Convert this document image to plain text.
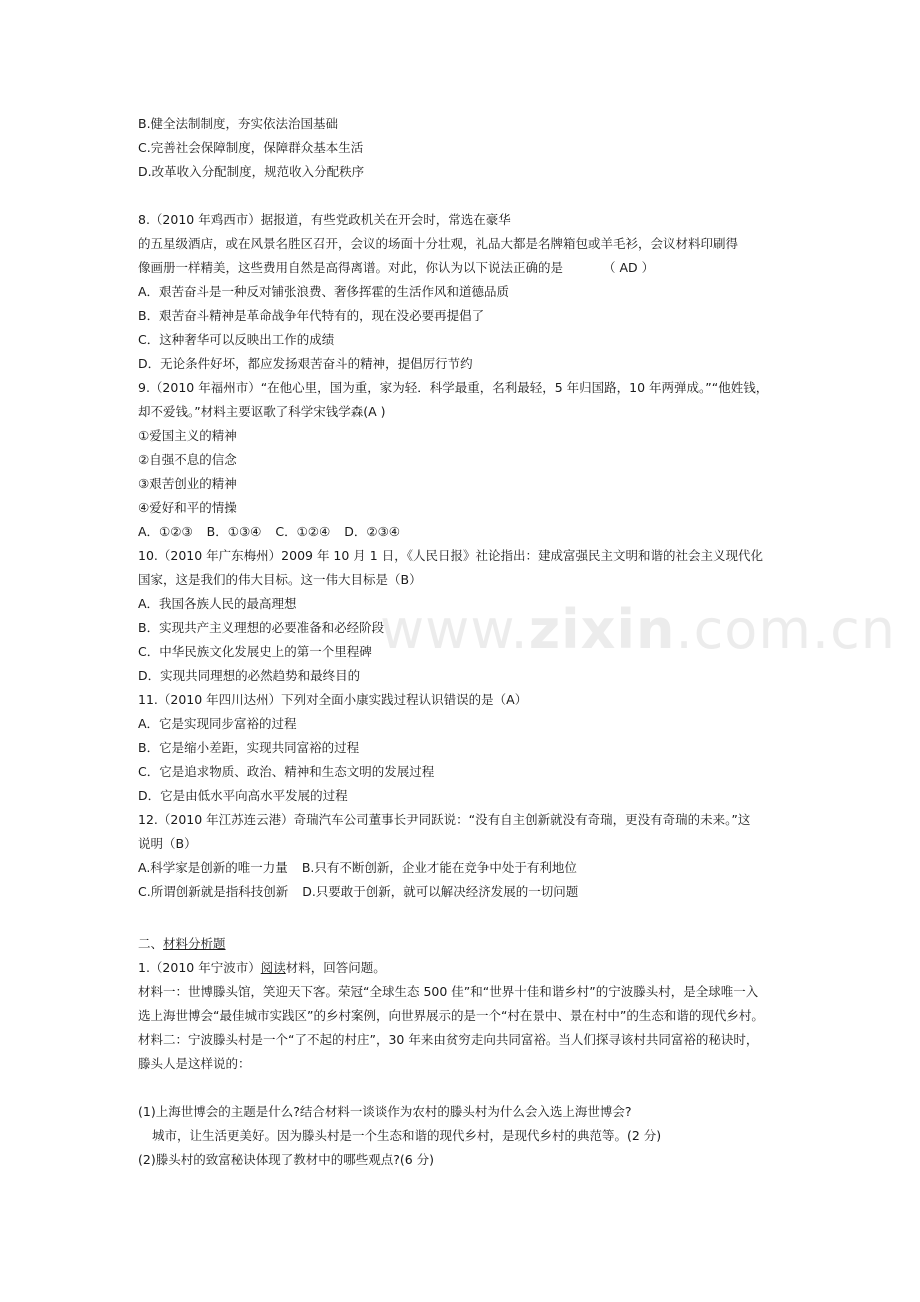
www.zixin.com.cn
B.健全法制制度，夯实依法治国基础
C.完善社会保障制度，保障群众基本生活
D.改革收入分配制度，规范收入分配秩序
8.（2010 年鸡西市）据报道，有些党政机关在开会时，常选在豪华
的五星级酒店，或在风景名胜区召开，会议的场面十分壮观，礼品大都是名牌箱包或羊毛衫，会议材料印刷得
像画册一样精美，这些费用自然是高得离谱。对此，你认为以下说法正确的是	（ AD ）
A．艰苦奋斗是一种反对铺张浪费、奢侈挥霍的生活作风和道德品质
B．艰苦奋斗精神是革命战争年代特有的，现在没必要再提倡了
C．这种奢华可以反映出工作的成绩
D．无论条件好坏，都应发扬艰苦奋斗的精神，提倡厉行节约
9.（2010 年福州市）“在他心里，国为重，家为轻．科学最重，名利最轻，5 年归国路，10 年两弹成。”“他姓钱，
却不爱钱。”材料主要讴歌了科学宋钱学森(A )
①爱国主义的精神
②自强不息的信念
③艰苦创业的精神
④爱好和平的情操
A．①②③ B．①③④ C．①②④ D．②③④
10.（2010 年广东梅州）2009 年 10 月 1 日，《人民日报》社论指出：建成富强民主文明和谐的社会主义现代化
国家，这是我们的伟大目标。这一伟大目标是（B）
A．我国各族人民的最高理想
B．实现共产主义理想的必要准备和必经阶段
C．中华民族文化发展史上的第一个里程碑
D．实现共同理想的必然趋势和最终目的
11.（2010 年四川达州）下列对全面小康实践过程认识错误的是（A）
A．它是实现同步富裕的过程
B．它是缩小差距，实现共同富裕的过程
C．它是追求物质、政治、精神和生态文明的发展过程
D．它是由低水平向高水平发展的过程
12.（2010 年江苏连云港）奇瑞汽车公司董事长尹同跃说：“没有自主创新就没有奇瑞，更没有奇瑞的未来。”这
说明（B）
A.科学家是创新的唯一力量 B.只有不断创新，企业才能在竞争中处于有利地位
C.所谓创新就是指科技创新 D.只要敢于创新，就可以解决经济发展的一切问题
二、材料分析题
1.（2010 年宁波市）阅读材料，回答问题。
材料一：世博滕头馆，笑迎天下客。荣冠“全球生态 500 佳”和“世界十佳和谐乡村”的宁波滕头村，是全球唯一入
选上海世博会“最佳城市实践区”的乡村案例，向世界展示的是一个“村在景中、景在村中”的生态和谐的现代乡村。
材料二：宁波滕头村是一个“了不起的村庄”，30 年来由贫穷走向共同富裕。当人们探寻该村共同富裕的秘诀时，
滕头人是这样说的：
(1)上海世博会的主题是什么?结合材料一谈谈作为农村的滕头村为什么会入选上海世博会?
城市，让生活更美好。因为滕头村是一个生态和谐的现代乡村，是现代乡村的典范等。(2 分)
(2)滕头村的致富秘诀体现了教材中的哪些观点?(6 分)
